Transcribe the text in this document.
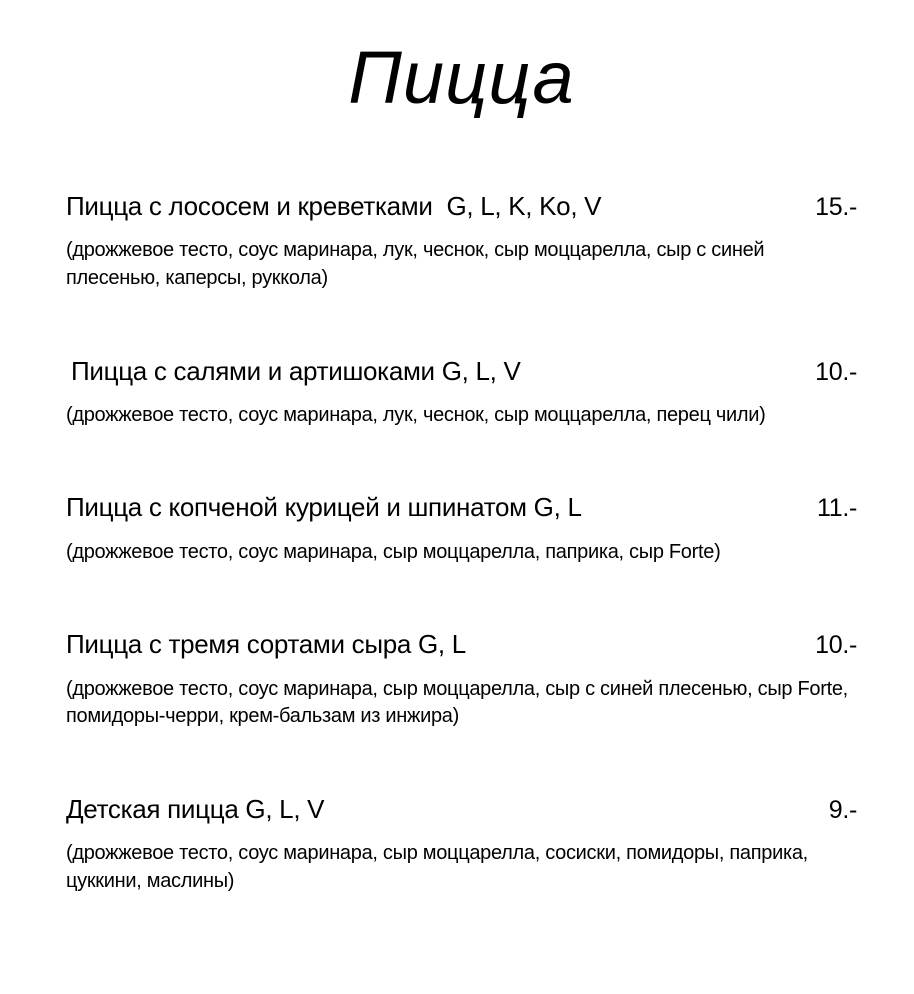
Пицца
Пицца с лососем и креветками  G, L, K, Ko, V	15.-

(дрожжевое тесто, соус маринара, лук, чеснок, сыр моццарелла, сыр с синей плесенью, каперсы, руккола)

Пицца с салями и артишоками G, L, V	10.-

(дрожжевое тесто, соус маринара, лук, чеснок, сыр моццарелла, перец чили)

Пицца с копченой курицей и шпинатом G, L	11.-

(дрожжевое тесто, соус маринара, сыр моццарелла, паприка, сыр Forte)

Пицца с тремя сортами сыра G, L	10.-

(дрожжевое тесто, соус маринара, сыр моццарелла, сыр с синей плесенью, сыр Forte, помидоры-черри, крем-бальзам из инжира)

Детская пицца G, L, V	9.-

(дрожжевое тесто, соус маринара, сыр моццарелла, сосиски, помидоры, паприка, цуккини, маслины)
